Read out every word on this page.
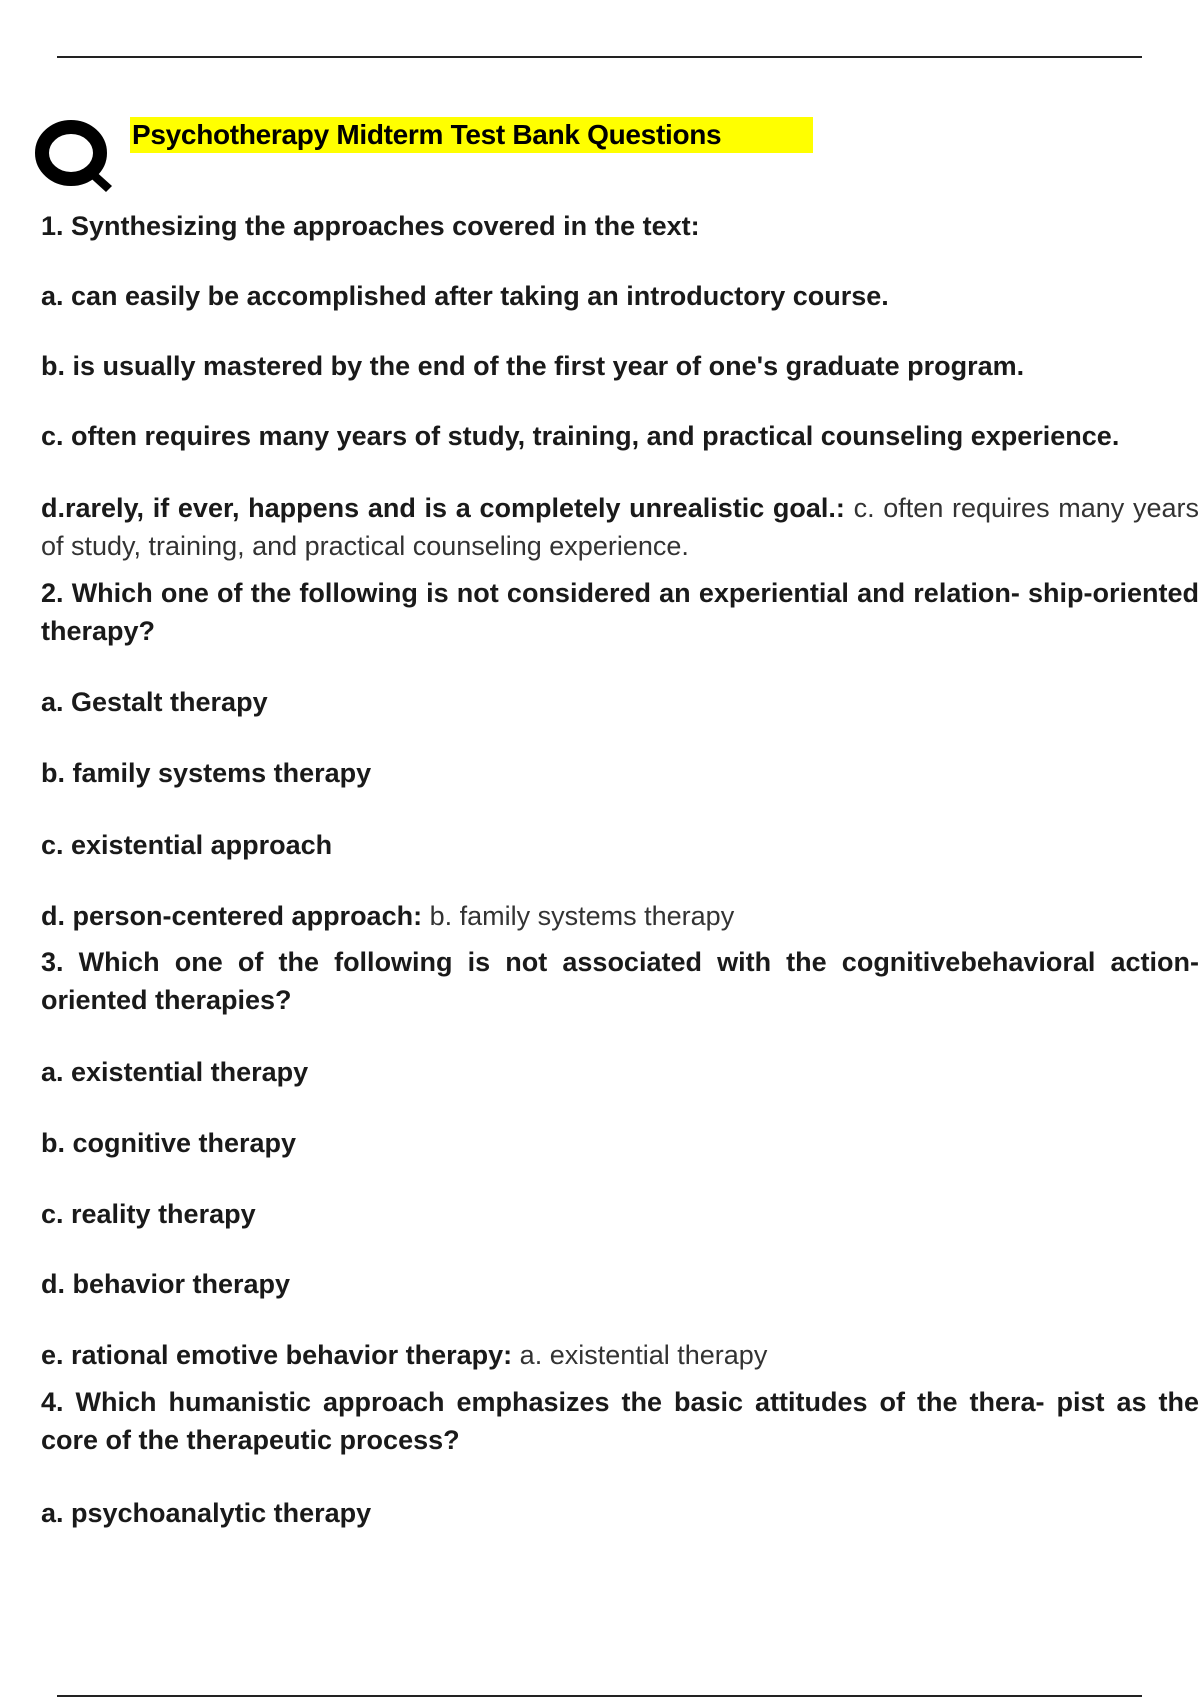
Psychotherapy Midterm Test Bank Questions
1. Synthesizing the approaches covered in the text:
a. can easily be accomplished after taking an introductory course.
b. is usually mastered by the end of the first year of one's graduate program.
c. often requires many years of study, training, and practical counseling experience.
d.rarely, if ever, happens and is a completely unrealistic goal.: c. often requires many years of study, training, and practical counseling experience.
2. Which one of the following is not considered an experiential and relation- ship-oriented therapy?
a. Gestalt therapy
b. family systems therapy
c. existential approach
d. person-centered approach: b. family systems therapy
3. Which one of the following is not associated with the cognitivebehavioral action-oriented therapies?
a. existential therapy
b. cognitive therapy
c. reality therapy
d. behavior therapy
e. rational emotive behavior therapy: a. existential therapy
4. Which humanistic approach emphasizes the basic attitudes of the thera- pist as the core of the therapeutic process?
a. psychoanalytic therapy
